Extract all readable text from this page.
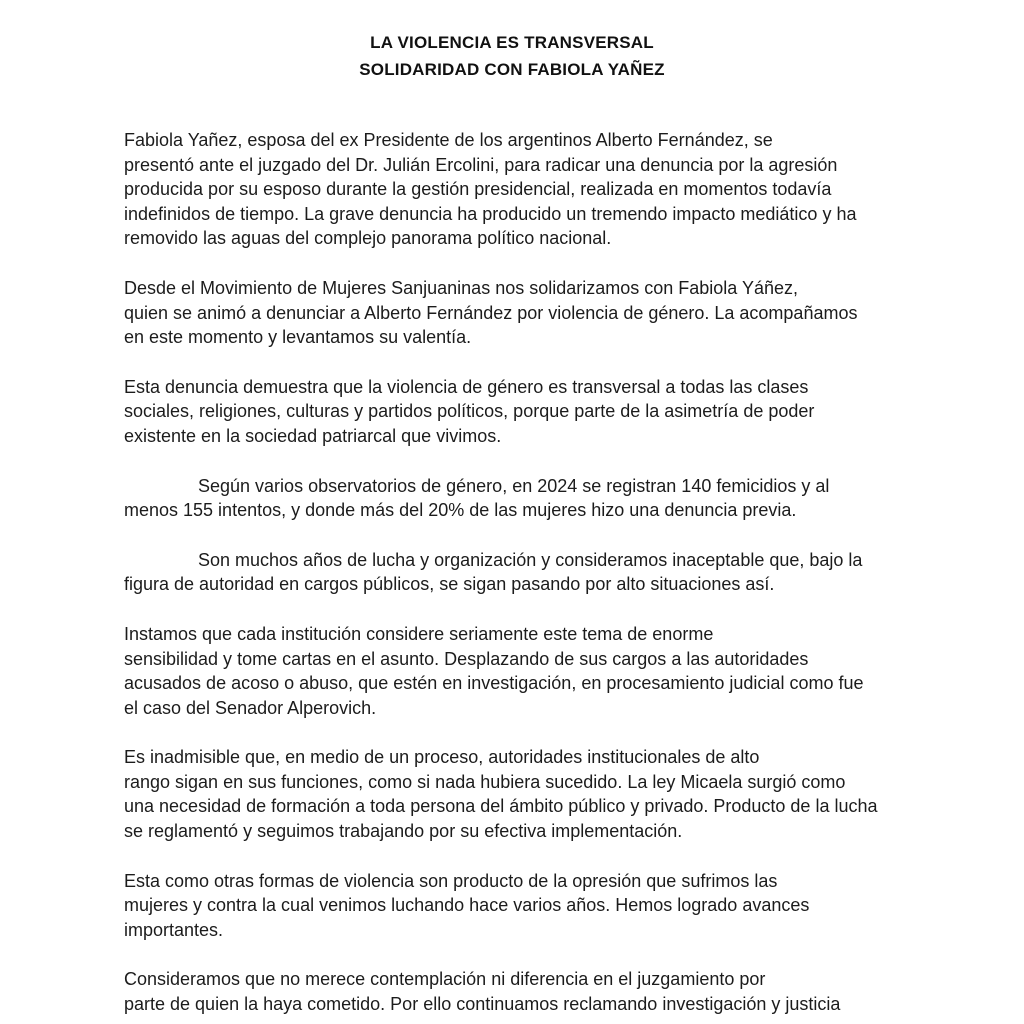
LA VIOLENCIA ES TRANSVERSAL
SOLIDARIDAD CON FABIOLA YAÑEZ

Fabiola Yañez, esposa del ex Presidente de los argentinos Alberto Fernández, se
presentó ante el juzgado del Dr. Julián Ercolini, para radicar una denuncia por la agresión
producida por su esposo durante la gestión presidencial, realizada en momentos todavía
indefinidos de tiempo. La grave denuncia ha producido un tremendo impacto mediático y ha
removido las aguas del complejo panorama político nacional.

Desde el Movimiento de Mujeres Sanjuaninas nos solidarizamos con Fabiola Yáñez,
quien se animó a denunciar a Alberto Fernández por violencia de género. La acompañamos
en este momento y levantamos su valentía.

Esta denuncia demuestra que la violencia de género es transversal a todas las clases
sociales, religiones, culturas y partidos políticos, porque parte de la asimetría de poder
existente en la sociedad patriarcal que vivimos.

Según varios observatorios de género, en 2024 se registran 140 femicidios y al
menos 155 intentos, y donde más del 20% de las mujeres hizo una denuncia previa.

Son muchos años de lucha y organización y consideramos inaceptable que, bajo la
figura de autoridad en cargos públicos, se sigan pasando por alto situaciones así.

Instamos que cada institución considere seriamente este tema de enorme
sensibilidad y tome cartas en el asunto. Desplazando de sus cargos a las autoridades
acusados de acoso o abuso, que estén en investigación, en procesamiento judicial como fue
el caso del Senador Alperovich.

Es inadmisible que, en medio de un proceso, autoridades institucionales de alto
rango sigan en sus funciones, como si nada hubiera sucedido. La ley Micaela surgió como
una necesidad de formación a toda persona del ámbito público y privado. Producto de la lucha
se reglamentó y seguimos trabajando por su efectiva implementación.

Esta como otras formas de violencia son producto de la opresión que sufrimos las
mujeres y contra la cual venimos luchando hace varios años. Hemos logrado avances
importantes.

Consideramos que no merece contemplación ni diferencia en el juzgamiento por
parte de quien la haya cometido. Por ello continuamos reclamando investigación y justicia
